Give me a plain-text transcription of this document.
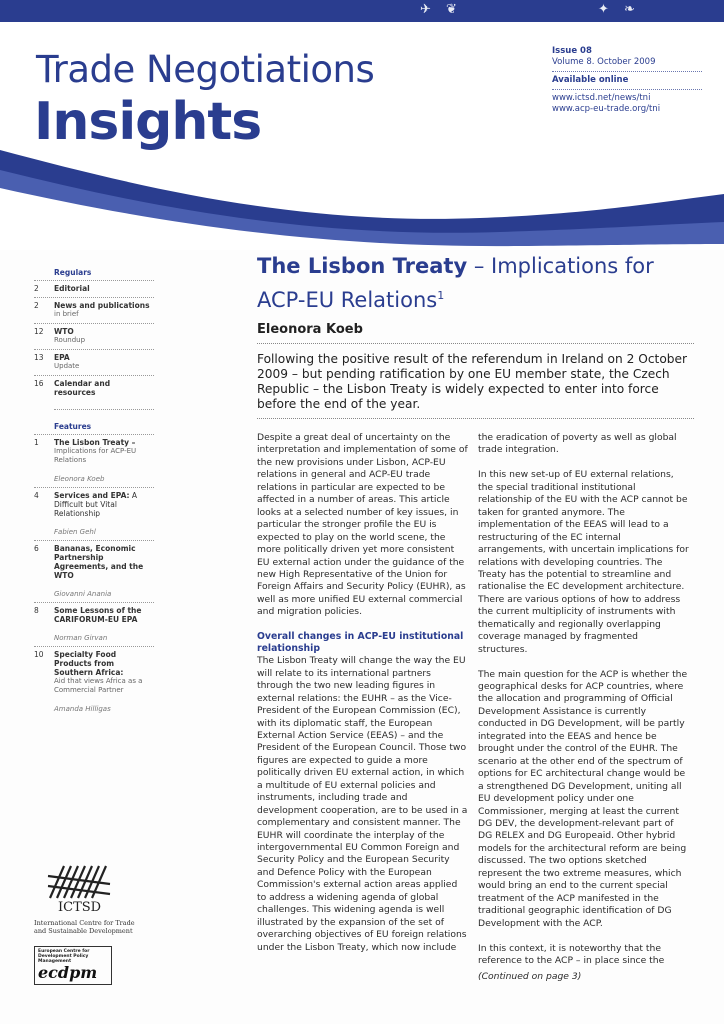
✈ ❦	✦ ❧
Trade Negotiations
Insights
Issue 08
Volume 8. October 2009
Available online
www.ictsd.net/news/tni
www.acp-eu-trade.org/tni
Regulars
2	Editorial
2	News and publications
in brief
12	WTO
Roundup
13	EPA
Update
16	Calendar and resources
Features
1	The Lisbon Treaty –
Implications for ACP-EU Relations
Eleonora Koeb
4	Services and EPA: A Difficult but Vital Relationship
Fabien Gehl
6	Bananas, Economic Partnership Agreements, and the WTO
Giovanni Anania
8	Some Lessons of the CARIFORUM-EU EPA
Norman Girvan
10	Specialty Food Products from Southern Africa:
Aid that views Africa as a Commercial Partner
Amanda Hilligas
ICTSD
International Centre for Trade
and Sustainable Development
European Centre for Development Policy Management
ecdpm
The Lisbon Treaty – Implications for ACP-EU Relations$^1$
Eleonora Koeb
Following the positive result of the referendum in Ireland on 2 October 2009 – but pending ratification by one EU member state, the Czech Republic – the Lisbon Treaty is widely expected to enter into force before the end of the year.

Despite a great deal of uncertainty on the interpretation and implementation of some of the new provisions under Lisbon, ACP-EU relations in general and ACP-EU trade relations in particular are expected to be affected in a number of areas. This article looks at a selected number of key issues, in particular the stronger profile the EU is expected to play on the world scene, the more politically driven yet more consistent EU external action under the guidance of the new High Representative of the Union for Foreign Affairs and Security Policy (EUHR), as well as more unified EU external commercial and migration policies.

Overall changes in ACP-EU institutional relationship

The Lisbon Treaty will change the way the EU will relate to its international partners through the two new leading figures in external relations: the EUHR – as the Vice-President of the European Commission (EC), with its diplomatic staff, the European External Action Service (EEAS) – and the President of the European Council. Those two figures are expected to guide a more politically driven EU external action, in which a multitude of EU external policies and instruments, including trade and development cooperation, are to be used in a complementary and consistent manner. The EUHR will coordinate the interplay of the intergovernmental EU Common Foreign and Security Policy and the European Security and Defence Policy with the European Commission's external action areas applied to address a widening agenda of global challenges. This widening agenda is well illustrated by the expansion of the set of overarching objectives of EU foreign relations under the Lisbon Treaty, which now include

the eradication of poverty as well as global trade integration.

In this new set-up of EU external relations, the special traditional institutional relationship of the EU with the ACP cannot be taken for granted anymore. The implementation of the EEAS will lead to a restructuring of the EC internal arrangements, with uncertain implications for relations with developing countries. The Treaty has the potential to streamline and rationalise the EC development architecture. There are various options of how to address the current multiplicity of instruments with thematically and regionally overlapping coverage managed by fragmented structures.

The main question for the ACP is whether the geographical desks for ACP countries, where the allocation and programming of Official Development Assistance is currently conducted in DG Development, will be partly integrated into the EEAS and hence be brought under the control of the EUHR. The scenario at the other end of the spectrum of options for EC architectural change would be a strengthened DG Development, uniting all EU development policy under one Commissioner, merging at least the current DG DEV, the development-relevant part of DG RELEX and DG Europeaid. Other hybrid models for the architectural reform are being discussed. The two options sketched represent the two extreme measures, which would bring an end to the current special treatment of the ACP manifested in the traditional geographic identification of DG Development with the ACP.

In this context, it is noteworthy that the reference to the ACP – in place since the

(Continued on page 3)
